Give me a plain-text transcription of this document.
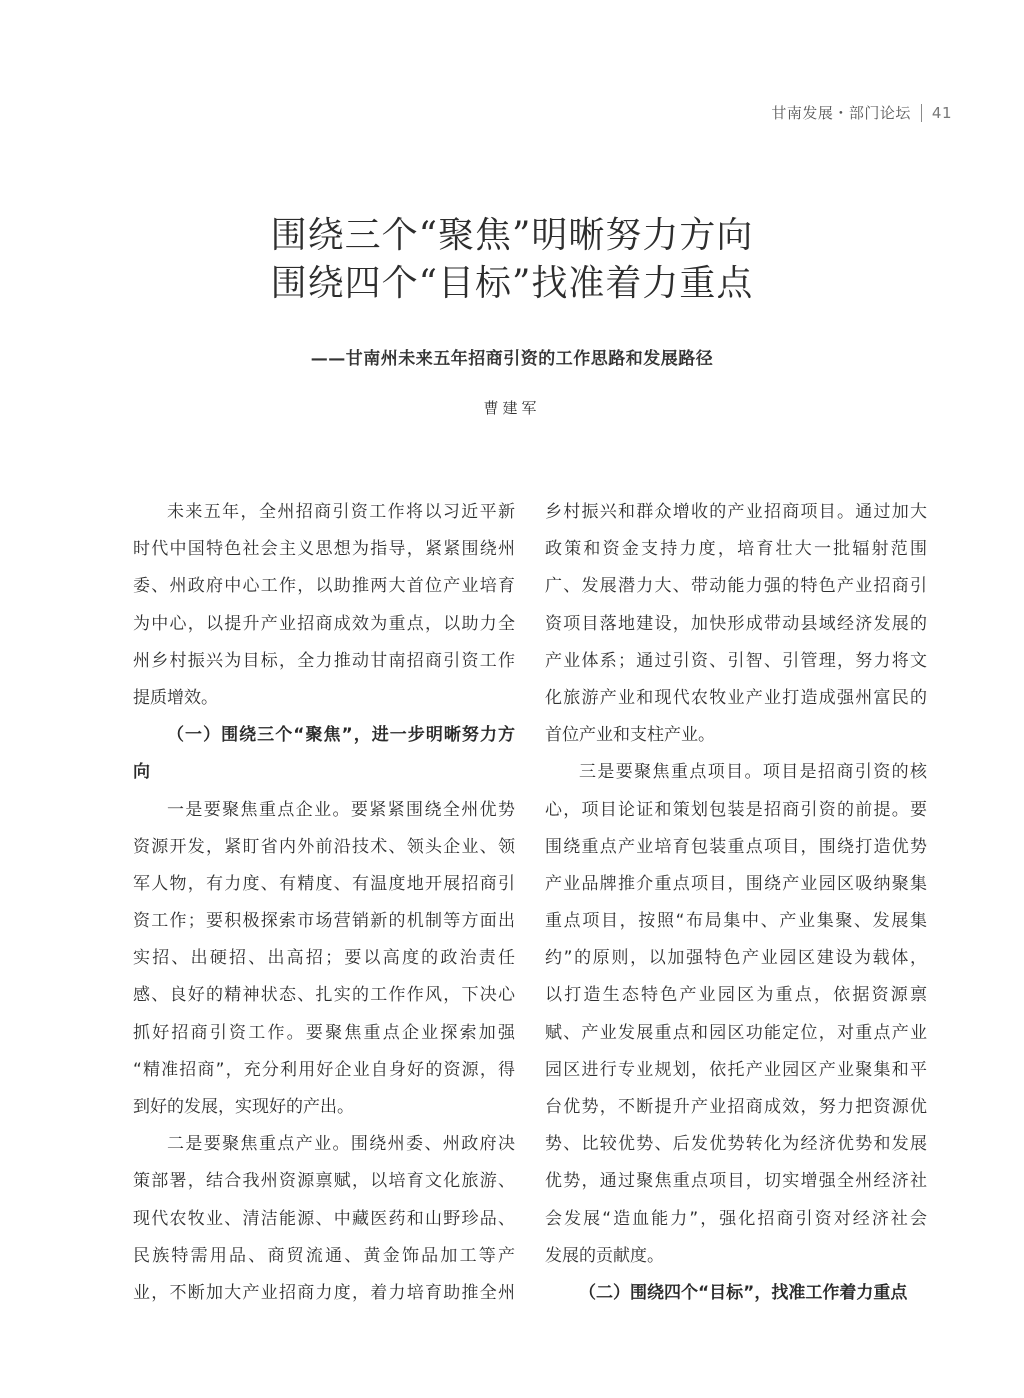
甘南发展・部门论坛 41
围绕三个“聚焦”明晰努力方向
围绕四个“目标”找准着力重点
——甘南州未来五年招商引资的工作思路和发展路径
曹建军
未来五年，全州招商引资工作将以习近平新
时代中国特色社会主义思想为指导，紧紧围绕州
委、州政府中心工作，以助推两大首位产业培育
为中心，以提升产业招商成效为重点，以助力全
州乡村振兴为目标，全力推动甘南招商引资工作
提质增效。
（一）围绕三个“聚焦”，进一步明晰努力方
向
一是要聚焦重点企业。要紧紧围绕全州优势
资源开发，紧盯省内外前沿技术、领头企业、领
军人物，有力度、有精度、有温度地开展招商引
资工作；要积极探索市场营销新的机制等方面出
实招、出硬招、出高招；要以高度的政治责任
感、良好的精神状态、扎实的工作作风，下决心
抓好招商引资工作。要聚焦重点企业探索加强
“精准招商”，充分利用好企业自身好的资源，得
到好的发展，实现好的产出。
二是要聚焦重点产业。围绕州委、州政府决
策部署，结合我州资源禀赋，以培育文化旅游、
现代农牧业、清洁能源、中藏医药和山野珍品、
民族特需用品、商贸流通、黄金饰品加工等产
业，不断加大产业招商力度，着力培育助推全州
乡村振兴和群众增收的产业招商项目。通过加大
政策和资金支持力度，培育壮大一批辐射范围
广、发展潜力大、带动能力强的特色产业招商引
资项目落地建设，加快形成带动县域经济发展的
产业体系；通过引资、引智、引管理，努力将文
化旅游产业和现代农牧业产业打造成强州富民的
首位产业和支柱产业。
三是要聚焦重点项目。项目是招商引资的核
心，项目论证和策划包装是招商引资的前提。要
围绕重点产业培育包装重点项目，围绕打造优势
产业品牌推介重点项目，围绕产业园区吸纳聚集
重点项目，按照“布局集中、产业集聚、发展集
约”的原则，以加强特色产业园区建设为载体，
以打造生态特色产业园区为重点，依据资源禀
赋、产业发展重点和园区功能定位，对重点产业
园区进行专业规划，依托产业园区产业聚集和平
台优势，不断提升产业招商成效，努力把资源优
势、比较优势、后发优势转化为经济优势和发展
优势，通过聚焦重点项目，切实增强全州经济社
会发展“造血能力”，强化招商引资对经济社会
发展的贡献度。
（二）围绕四个“目标”，找准工作着力重点
